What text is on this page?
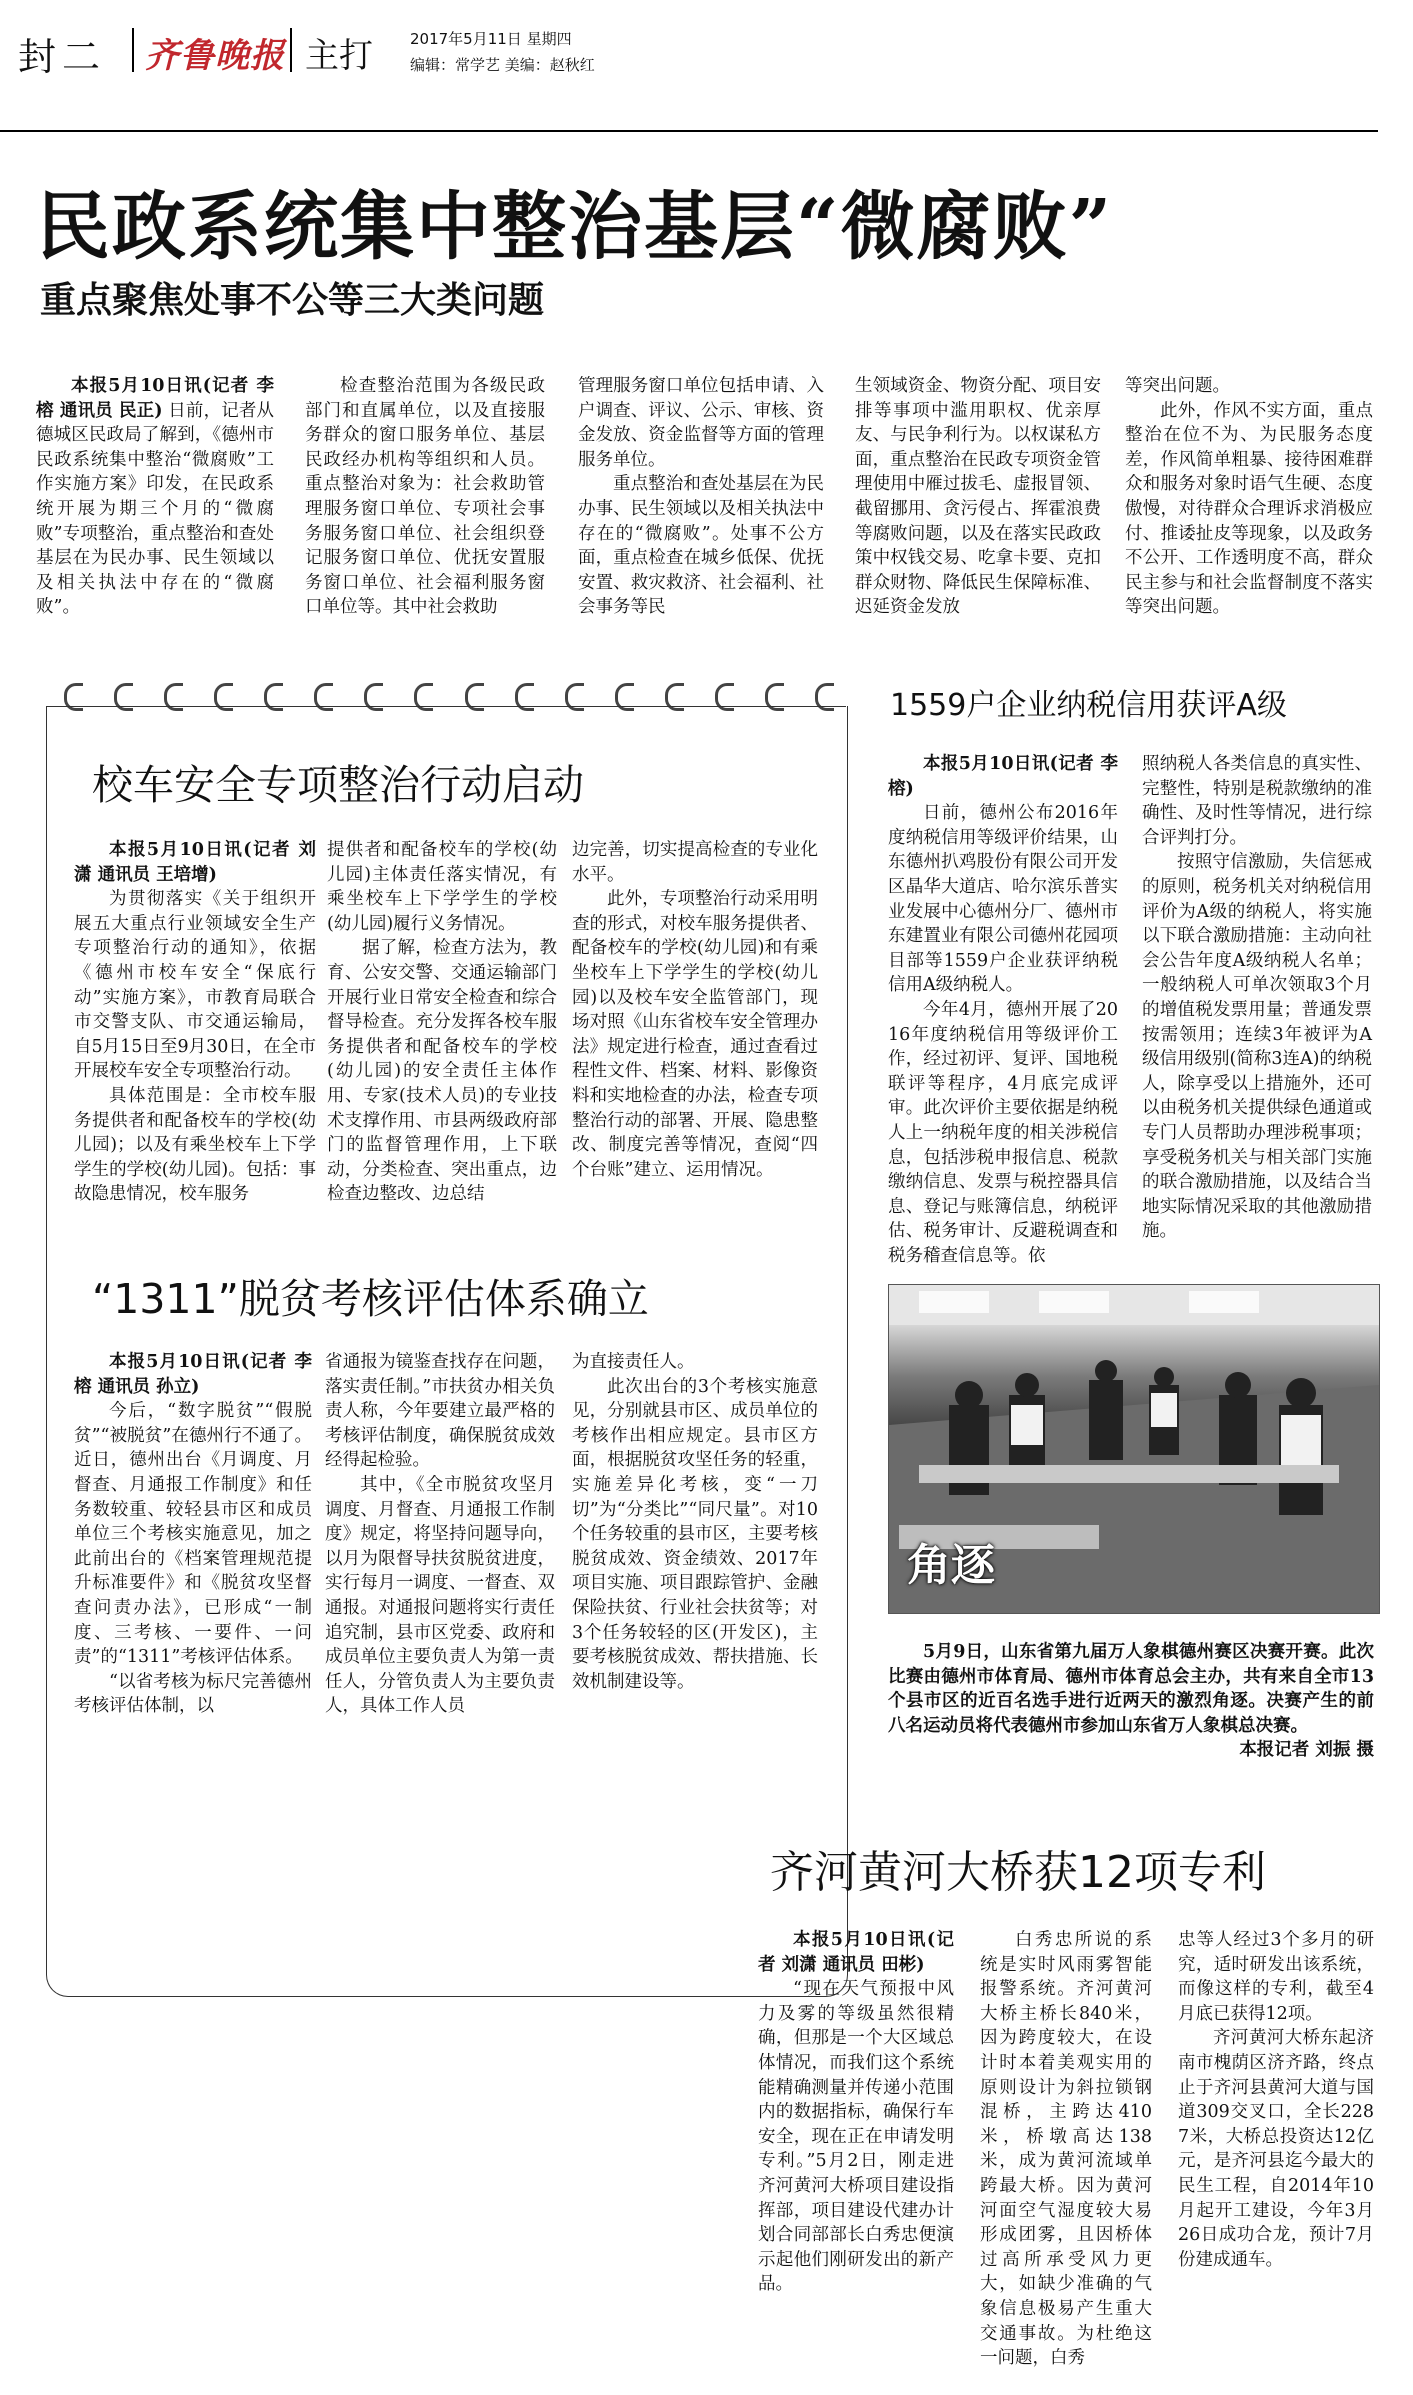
封二 齐鲁晚报 主打 2017年5月11日 星期四
编辑：常学艺 美编：赵秋红
民政系统集中整治基层“微腐败”
重点聚焦处事不公等三大类问题

本报5月10日讯(记者 李榕 通讯员 民正) 日前，记者从德城区民政局了解到，《德州市民政系统集中整治“微腐败”工作实施方案》印发，在民政系统开展为期三个月的“微腐败”专项整治，重点整治和查处基层在为民办事、民生领域以及相关执法中存在的“微腐败”。

检查整治范围为各级民政部门和直属单位，以及直接服务群众的窗口服务单位、基层民政经办机构等组织和人员。重点整治对象为：社会救助管理服务窗口单位、专项社会事务服务窗口单位、社会组织登记服务窗口单位、优抚安置服务窗口单位、社会福利服务窗口单位等。其中社会救助

管理服务窗口单位包括申请、入户调查、评议、公示、审核、资金发放、资金监督等方面的管理服务单位。

重点整治和查处基层在为民办事、民生领域以及相关执法中存在的“微腐败”。处事不公方面，重点检查在城乡低保、优抚安置、救灾救济、社会福利、社会事务等民

生领域资金、物资分配、项目安排等事项中滥用职权、优亲厚友、与民争利行为。以权谋私方面，重点整治在民政专项资金管理使用中雁过拔毛、虚报冒领、截留挪用、贪污侵占、挥霍浪费等腐败问题，以及在落实民政政策中权钱交易、吃拿卡要、克扣群众财物、降低民生保障标准、迟延资金发放

等突出问题。

此外，作风不实方面，重点整治在位不为、为民服务态度差，作风简单粗暴、接待困难群众和服务对象时语气生硬、态度傲慢，对待群众合理诉求消极应付、推诿扯皮等现象，以及政务不公开、工作透明度不高，群众民主参与和社会监督制度不落实等突出问题。

校车安全专项整治行动启动

本报5月10日讯(记者 刘潇 通讯员 王培增)

为贯彻落实《关于组织开展五大重点行业领域安全生产专项整治行动的通知》，依据《德州市校车安全“保底行动”实施方案》，市教育局联合市交警支队、市交通运输局，自5月15日至9月30日，在全市开展校车安全专项整治行动。

具体范围是：全市校车服务提供者和配备校车的学校(幼儿园)；以及有乘坐校车上下学学生的学校(幼儿园)。包括：事故隐患情况，校车服务

提供者和配备校车的学校(幼儿园)主体责任落实情况，有乘坐校车上下学学生的学校(幼儿园)履行义务情况。

据了解，检查方法为，教育、公安交警、交通运输部门开展行业日常安全检查和综合督导检查。充分发挥各校车服务提供者和配备校车的学校(幼儿园)的安全责任主体作用、专家(技术人员)的专业技术支撑作用、市县两级政府部门的监督管理作用，上下联动，分类检查、突出重点，边检查边整改、边总结

边完善，切实提高检查的专业化水平。

此外，专项整治行动采用明查的形式，对校车服务提供者、配备校车的学校(幼儿园)和有乘坐校车上下学学生的学校(幼儿园)以及校车安全监管部门，现场对照《山东省校车安全管理办法》规定进行检查，通过查看过程性文件、档案、材料、影像资料和实地检查的办法，检查专项整治行动的部署、开展、隐患整改、制度完善等情况，查阅“四个台账”建立、运用情况。

“1311”脱贫考核评估体系确立

本报5月10日讯(记者 李榕 通讯员 孙立)

今后，“数字脱贫”“假脱贫”“被脱贫”在德州行不通了。近日，德州出台《月调度、月督查、月通报工作制度》和任务数较重、较轻县市区和成员单位三个考核实施意见，加之此前出台的《档案管理规范提升标准要件》和《脱贫攻坚督查问责办法》，已形成“一制度、三考核、一要件、一问责”的“1311”考核评估体系。

“以省考核为标尺完善德州考核评估体制，以

省通报为镜鉴查找存在问题，落实责任制。”市扶贫办相关负责人称，今年要建立最严格的考核评估制度，确保脱贫成效经得起检验。

其中，《全市脱贫攻坚月调度、月督查、月通报工作制度》规定，将坚持问题导向，以月为限督导扶贫脱贫进度，实行每月一调度、一督查、双通报。对通报问题将实行责任追究制，县市区党委、政府和成员单位主要负责人为第一责任人，分管负责人为主要负责人，具体工作人员

为直接责任人。

此次出台的3个考核实施意见，分别就县市区、成员单位的考核作出相应规定。县市区方面，根据脱贫攻坚任务的轻重，实施差异化考核，变“一刀切”为“分类比”“同尺量”。对10个任务较重的县市区，主要考核脱贫成效、资金绩效、2017年项目实施、项目跟踪管护、金融保险扶贫、行业社会扶贫等；对3个任务较轻的区(开发区)，主要考核脱贫成效、帮扶措施、长效机制建设等。

1559户企业纳税信用获评A级

本报5月10日讯(记者 李榕)

日前，德州公布2016年度纳税信用等级评价结果，山东德州扒鸡股份有限公司开发区晶华大道店、哈尔滨乐普实业发展中心德州分厂、德州市东建置业有限公司德州花园项目部等1559户企业获评纳税信用A级纳税人。

今年4月，德州开展了2016年度纳税信用等级评价工作，经过初评、复评、国地税联评等程序，4月底完成评审。此次评价主要依据是纳税人上一纳税年度的相关涉税信息，包括涉税申报信息、税款缴纳信息、发票与税控器具信息、登记与账簿信息，纳税评估、税务审计、反避税调查和税务稽查信息等。依

照纳税人各类信息的真实性、完整性，特别是税款缴纳的准确性、及时性等情况，进行综合评判打分。

按照守信激励，失信惩戒的原则，税务机关对纳税信用评价为A级的纳税人，将实施以下联合激励措施：主动向社会公告年度A级纳税人名单；一般纳税人可单次领取3个月的增值税发票用量；普通发票按需领用；连续3年被评为A级信用级别(简称3连A)的纳税人，除享受以上措施外，还可以由税务机关提供绿色通道或专门人员帮助办理涉税事项；享受税务机关与相关部门实施的联合激励措施，以及结合当地实际情况采取的其他激励措施。

角逐

5月9日，山东省第九届万人象棋德州赛区决赛开赛。此次比赛由德州市体育局、德州市体育总会主办，共有来自全市13个县市区的近百名选手进行近两天的激烈角逐。决赛产生的前八名运动员将代表德州市参加山东省万人象棋总决赛。

本报记者 刘振 摄

齐河黄河大桥获12项专利

本报5月10日讯(记者 刘潇 通讯员 田彬)

“现在天气预报中风力及雾的等级虽然很精确，但那是一个大区域总体情况，而我们这个系统能精确测量并传递小范围内的数据指标，确保行车安全，现在正在申请发明专利。”5月2日，刚走进齐河黄河大桥项目建设指挥部，项目建设代建办计划合同部部长白秀忠便演示起他们刚研发出的新产品。

白秀忠所说的系统是实时风雨雾智能报警系统。齐河黄河大桥主桥长840米，因为跨度较大，在设计时本着美观实用的原则设计为斜拉锁钢混桥，主跨达410米，桥墩高达138米，成为黄河流域单跨最大桥。因为黄河河面空气湿度较大易形成团雾，且因桥体过高所承受风力更大，如缺少准确的气象信息极易产生重大交通事故。为杜绝这一问题，白秀

忠等人经过3个多月的研究，适时研发出该系统，而像这样的专利，截至4月底已获得12项。

齐河黄河大桥东起济南市槐荫区济齐路，终点止于齐河县黄河大道与国道309交叉口，全长2287米，大桥总投资达12亿元，是齐河县迄今最大的民生工程，自2014年10月起开工建设，今年3月26日成功合龙，预计7月份建成通车。
